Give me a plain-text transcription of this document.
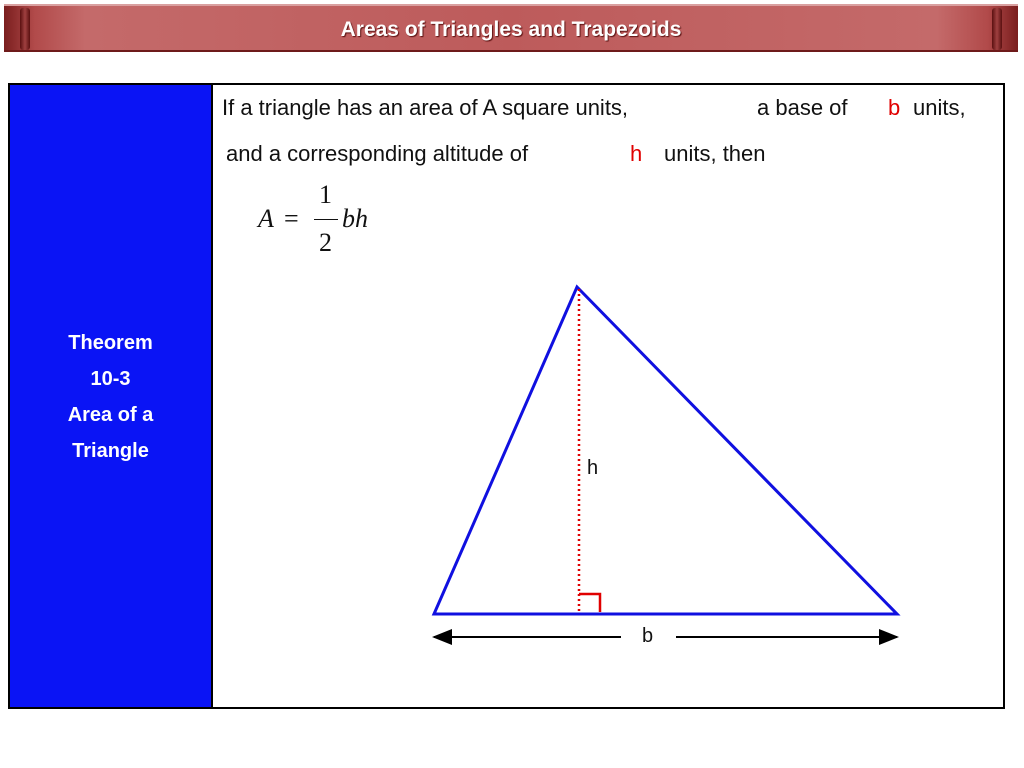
Areas of Triangles and Trapezoids
Theorem
10-3
Area of a
Triangle
If a triangle has an area of A square units,	a base of b units,
and a corresponding altitude of	h units, then
A =
1
2
bh
h
b
